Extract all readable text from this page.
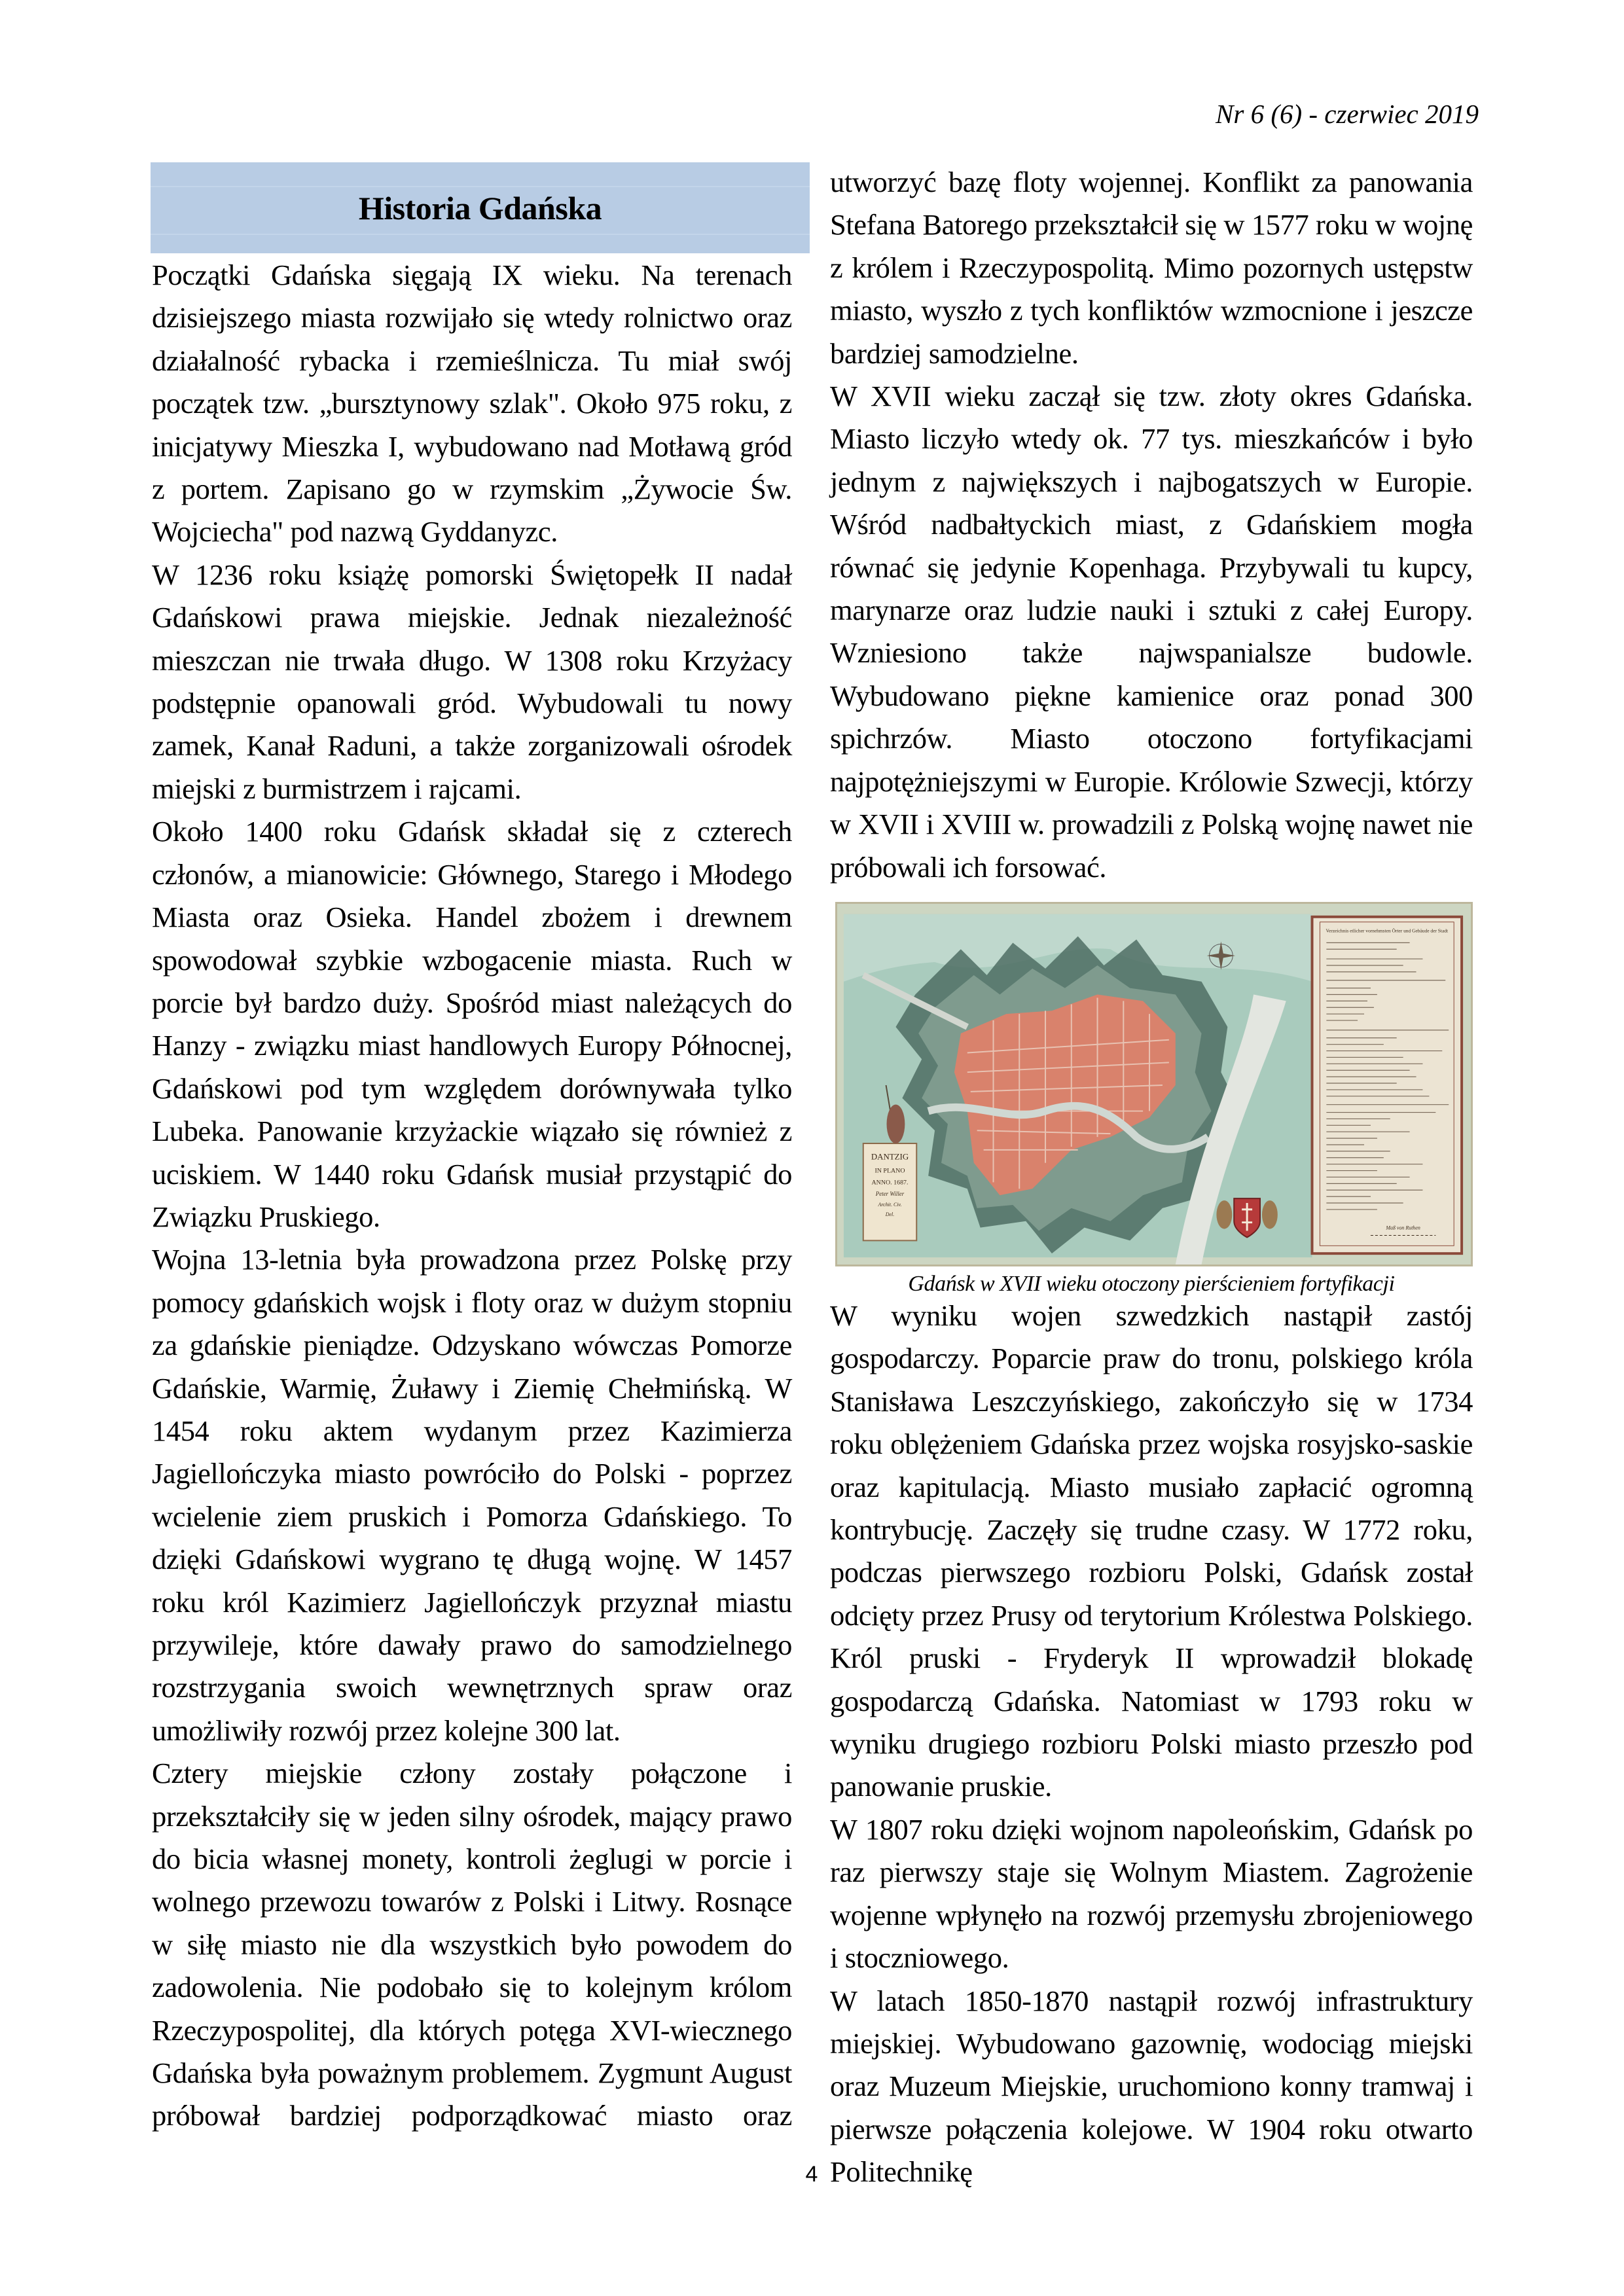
Nr 6 (6) - czerwiec 2019
Historia Gdańska

Początki Gdańska sięgają IX wieku. Na terenach dzisiejszego miasta rozwijało się wtedy rolnictwo oraz działalność rybacka i rzemieślnicza. Tu miał swój początek tzw. „bursztynowy szlak". Około 975 roku, z inicjatywy Mieszka I, wybudowano nad Motławą gród z portem. Zapisano go w rzymskim „Żywocie Św. Wojciecha" pod nazwą Gyddanyzc.

W 1236 roku książę pomorski Świętopełk II nadał Gdańskowi prawa miejskie. Jednak niezależność mieszczan nie trwała długo. W 1308 roku Krzyżacy podstępnie opanowali gród. Wybudowali tu nowy zamek, Kanał Raduni, a także zorganizowali ośrodek miejski z burmistrzem i rajcami.

Około 1400 roku Gdańsk składał się z czterech członów, a mianowicie: Głównego, Starego i Młodego Miasta oraz Osieka. Handel zbożem i drewnem spowodował szybkie wzbogacenie miasta. Ruch w porcie był bardzo duży. Spośród miast należących do Hanzy - związku miast handlowych Europy Północnej, Gdańskowi pod tym względem dorównywała tylko Lubeka. Panowanie krzyżackie wiązało się również z uciskiem. W 1440 roku Gdańsk musiał przystąpić do Związku Pruskiego.

Wojna 13-letnia była prowadzona przez Polskę przy pomocy gdańskich wojsk i floty oraz w dużym stopniu za gdańskie pieniądze. Odzyskano wówczas Pomorze Gdańskie, Warmię, Żuławy i Ziemię Chełmińską. W 1454 roku aktem wydanym przez Kazimierza Jagiellończyka miasto powróciło do Polski - poprzez wcielenie ziem pruskich i Pomorza Gdańskiego. To dzięki Gdańskowi wygrano tę długą wojnę. W 1457 roku król Kazimierz Jagiellończyk przyznał miastu przywileje, które dawały prawo do samodzielnego rozstrzygania swoich wewnętrznych spraw oraz umożliwiły rozwój przez kolejne 300 lat.

Cztery miejskie człony zostały połączone i przekształciły się w jeden silny ośrodek, mający prawo do bicia własnej monety, kontroli żeglugi w porcie i wolnego przewozu towarów z Polski i Litwy. Rosnące w siłę miasto nie dla wszystkich było powodem do zadowolenia. Nie podobało się to kolejnym królom Rzeczypospolitej, dla których potęga XVI-wiecznego Gdańska była poważnym problemem. Zygmunt August próbował bardziej podporządkować miasto oraz

utworzyć bazę floty wojennej. Konflikt za panowania Stefana Batorego przekształcił się w 1577 roku w wojnę z królem i Rzeczypospolitą. Mimo pozornych ustępstw miasto, wyszło z tych konfliktów wzmocnione i jeszcze bardziej samodzielne.

W XVII wieku zaczął się tzw. złoty okres Gdańska. Miasto liczyło wtedy ok. 77 tys. mieszkańców i było jednym z największych i najbogatszych w Europie. Wśród nadbałtyckich miast, z Gdańskiem mogła równać się jedynie Kopenhaga. Przybywali tu kupcy, marynarze oraz ludzie nauki i sztuki z całej Europy. Wzniesiono także najwspanialsze budowle. Wybudowano piękne kamienice oraz ponad 300 spichrzów. Miasto otoczono fortyfikacjami najpotężniejszymi w Europie. Królowie Szwecji, którzy w XVII i XVIII w. prowadzili z Polską wojnę nawet nie próbowali ich forsować.

DANTZIG
IN PLANO
ANNO. 1687.
Peter Willer
Archit. Civ.
Del.
Verzeichnis etlicher vornehmsten Örter und Gebäude der Stadt
Maß von Ruthen
Gdańsk w XVII wieku otoczony pierścieniem fortyfikacji

W wyniku wojen szwedzkich nastąpił zastój gospodarczy. Poparcie praw do tronu, polskiego króla Stanisława Leszczyńskiego, zakończyło się w 1734 roku oblężeniem Gdańska przez wojska rosyjsko-saskie oraz kapitulacją. Miasto musiało zapłacić ogromną kontrybucję. Zaczęły się trudne czasy. W 1772 roku, podczas pierwszego rozbioru Polski, Gdańsk został odcięty przez Prusy od terytorium Królestwa Polskiego. Król pruski - Fryderyk II wprowadził blokadę gospodarczą Gdańska. Natomiast w 1793 roku w wyniku drugiego rozbioru Polski miasto przeszło pod panowanie pruskie.

W 1807 roku dzięki wojnom napoleońskim, Gdańsk po raz pierwszy staje się Wolnym Miastem. Zagrożenie wojenne wpłynęło na rozwój przemysłu zbrojeniowego i stoczniowego.

W latach 1850-1870 nastąpił rozwój infrastruktury miejskiej. Wybudowano gazownię, wodociąg miejski oraz Muzeum Miejskie, uruchomiono konny tramwaj i pierwsze połączenia kolejowe. W 1904 roku otwarto Politechnikę

4
